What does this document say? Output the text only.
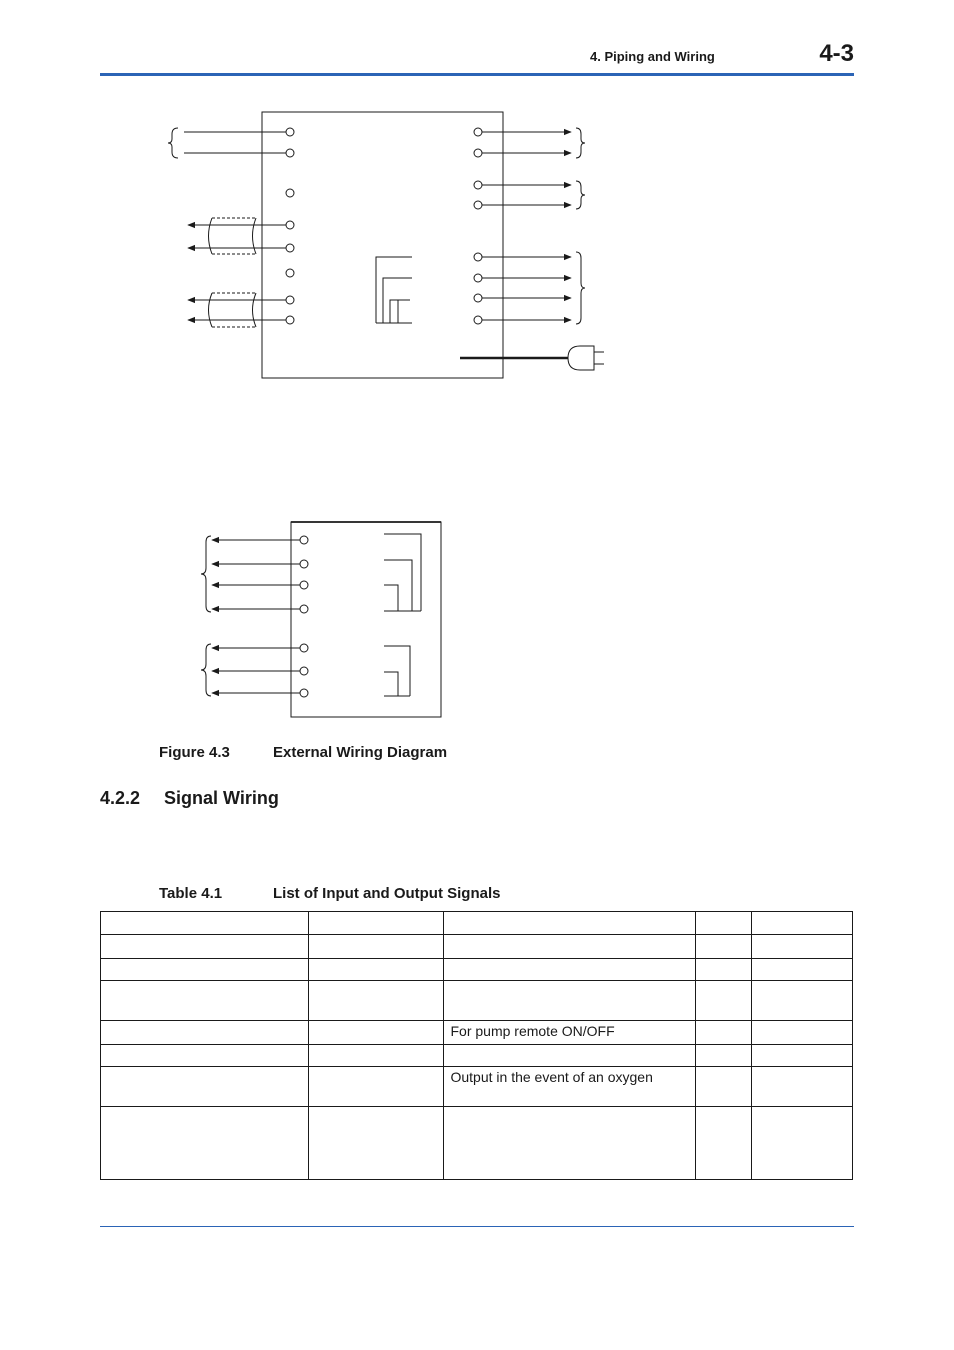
4. Piping and Wiring	4-3
Figure 4.3	External Wiring Diagram
4.2.2 Signal Wiring
Table 4.1	List of Input and Output Signals

		For pump remote ON/OFF		

		Output in the event of an oxygen		
